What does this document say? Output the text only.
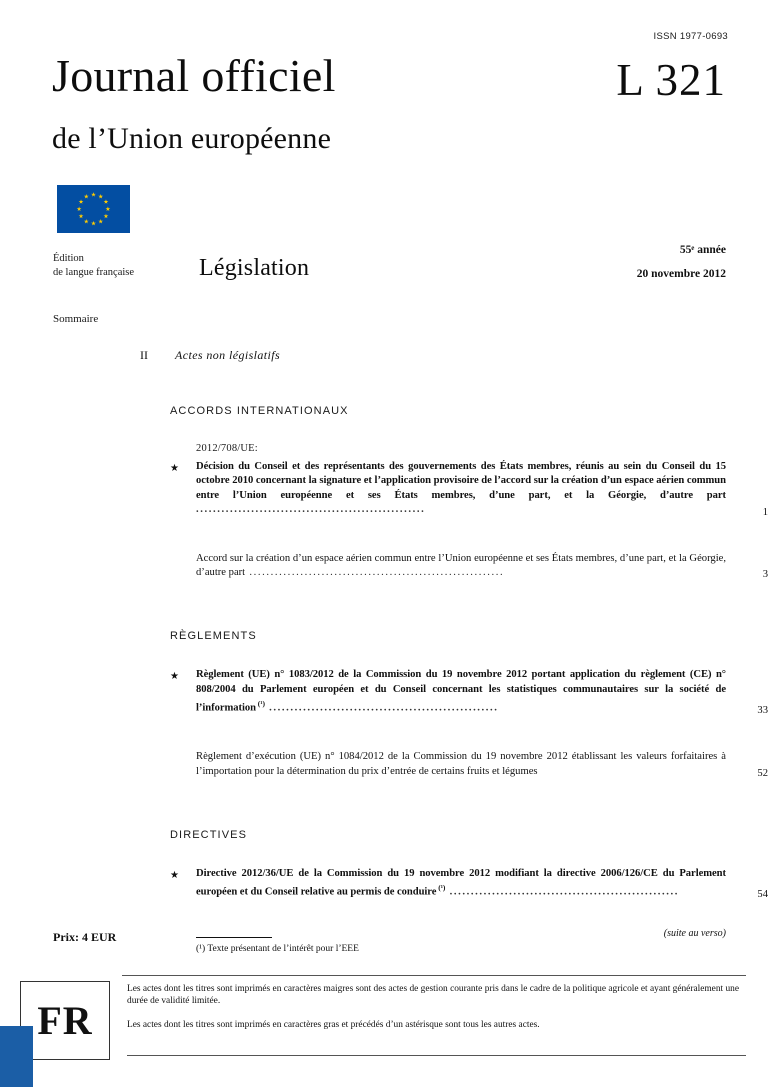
ISSN 1977-0693
Journal officiel
de l’Union européenne
L 321
Édition
de langue française	Législation
55ᵉ année
20 novembre 2012
Sommaire
II	Actes non législatifs
ACCORDS INTERNATIONAUX
2012/708/UE:
★	Décision du Conseil et des représentants des gouvernements des États membres, réunis au sein du Conseil du 15 octobre 2010 concernant la signature et l’application provisoire de l’accord sur la création d’un espace aérien commun entre l’Union européenne et ses États membres, d’une part, et la Géorgie, d’autre part ......................................................	1
Accord sur la création d’un espace aérien commun entre l’Union européenne et ses États membres, d’une part, et la Géorgie, d’autre part ............................................................	3
RÈGLEMENTS
★	Règlement (UE) n° 1083/2012 de la Commission du 19 novembre 2012 portant application du règlement (CE) n° 808/2004 du Parlement européen et du Conseil concernant les statistiques communautaires sur la société de l’information $^{(^1)}$ ......................................................	33
Règlement d’exécution (UE) n° 1084/2012 de la Commission du 19 novembre 2012 établissant les valeurs forfaitaires à l’importation pour la détermination du prix d’entrée de certains fruits et légumes	52
DIRECTIVES
★	Directive 2012/36/UE de la Commission du 19 novembre 2012 modifiant la directive 2006/126/CE du Parlement européen et du Conseil relative au permis de conduire $^{(^1)}$ ......................................................	54
Prix: 4 EUR	(suite au verso)
(¹) Texte présentant de l’intérêt pour l’EEE
FR

Les actes dont les titres sont imprimés en caractères maigres sont des actes de gestion courante pris dans le cadre de la politique agricole et ayant généralement une durée de validité limitée.

Les actes dont les titres sont imprimés en caractères gras et précédés d’un astérisque sont tous les autres actes.
